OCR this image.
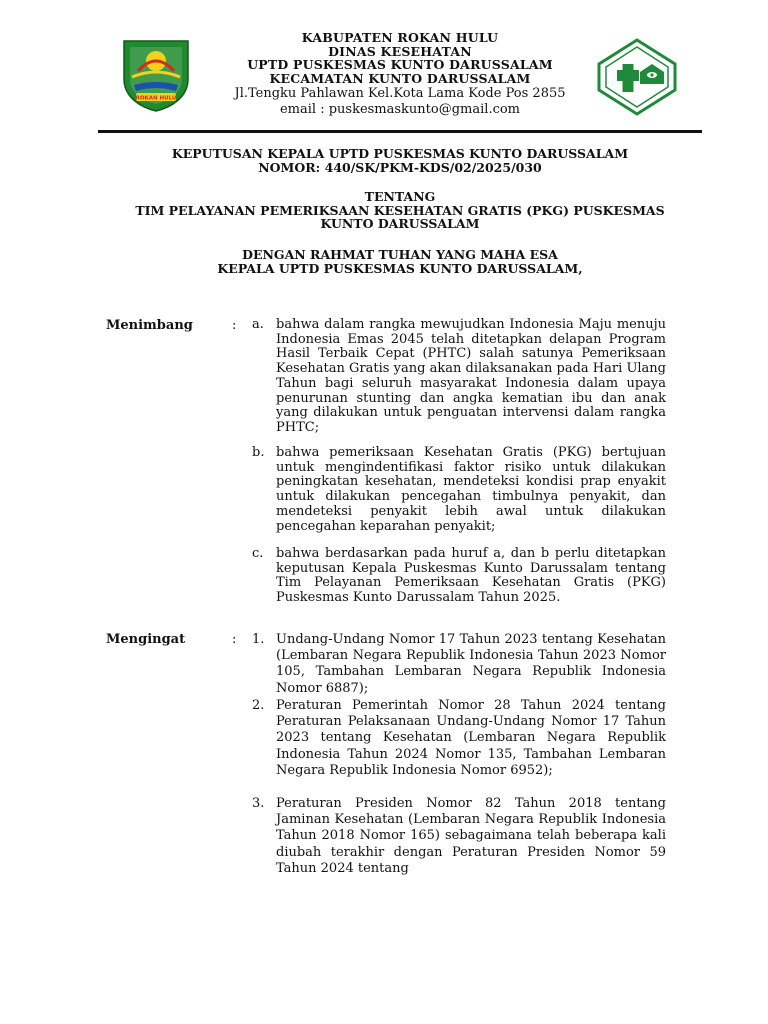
ROKAN HULU
KABUPATEN ROKAN HULU
DINAS KESEHATAN
UPTD PUSKESMAS KUNTO DARUSSALAM
KECAMATAN KUNTO DARUSSALAM
Jl.Tengku Pahlawan Kel.Kota Lama Kode Pos 2855
email : puskesmaskunto@gmail.com
KEPUTUSAN KEPALA UPTD PUSKESMAS KUNTO DARUSSALAM
NOMOR: 440/SK/PKM-KDS/02/2025/030
TENTANG
TIM PELAYANAN PEMERIKSAAN KESEHATAN GRATIS (PKG) PUSKESMAS
KUNTO DARUSSALAM
DENGAN RAHMAT TUHAN YANG MAHA ESA
KEPALA UPTD PUSKESMAS KUNTO DARUSSALAM,
Menimbang	: a. bahwa dalam rangka mewujudkan Indonesia Maju menuju Indonesia Emas 2045 telah ditetapkan delapan Program Hasil Terbaik Cepat (PHTC) salah satunya Pemeriksaan Kesehatan Gratis yang akan dilaksanakan pada Hari Ulang Tahun bagi seluruh masyarakat Indonesia dalam upaya penurunan stunting dan angka kematian ibu dan anak yang dilakukan untuk penguatan intervensi dalam rangka PHTC;
b. bahwa pemeriksaan Kesehatan Gratis (PKG) bertujuan untuk mengindentifikasi faktor risiko untuk dilakukan peningkatan kesehatan, mendeteksi kondisi prap enyakit untuk dilakukan pencegahan timbulnya penyakit, dan mendeteksi penyakit lebih awal untuk dilakukan pencegahan keparahan penyakit;
c. bahwa berdasarkan pada huruf a, dan b perlu ditetapkan keputusan Kepala Puskesmas Kunto Darussalam tentang Tim Pelayanan Pemeriksaan Kesehatan Gratis (PKG) Puskesmas Kunto Darussalam Tahun 2025.
Mengingat	: 1. Undang-Undang Nomor 17 Tahun 2023 tentang Kesehatan (Lembaran Negara Republik Indonesia Tahun 2023 Nomor 105, Tambahan Lembaran Negara Republik Indonesia Nomor 6887);
2. Peraturan Pemerintah Nomor 28 Tahun 2024 tentang Peraturan Pelaksanaan Undang-Undang Nomor 17 Tahun 2023 tentang Kesehatan (Lembaran Negara Republik Indonesia Tahun 2024 Nomor 135, Tambahan Lembaran Negara Republik Indonesia Nomor 6952);
3. Peraturan Presiden Nomor 82 Tahun 2018 tentang Jaminan Kesehatan (Lembaran Negara Republik Indonesia Tahun 2018 Nomor 165) sebagaimana telah beberapa kali diubah terakhir dengan Peraturan Presiden Nomor 59 Tahun 2024 tentang
